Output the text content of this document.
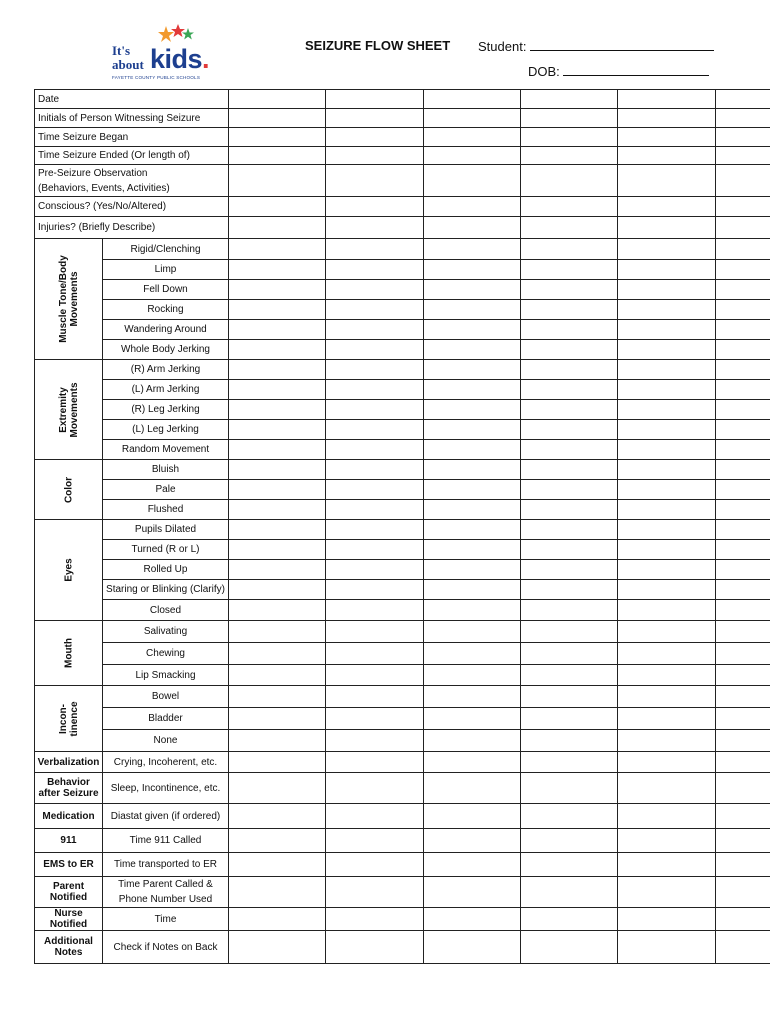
It's
about kids.
FAYETTE COUNTY PUBLIC SCHOOLS
SEIZURE FLOW SHEET Student:
DOB:
Date							
Initials of Person Witnessing Seizure							
Time Seizure Began							
Time Seizure Ended (Or length of)							
Pre-Seizure Observation
(Behaviors, Events, Activities)							
Conscious? (Yes/No/Altered)							
Injuries? (Briefly Describe)							

Muscle Tone/Body
Movements	Rigid/Clenching						
	Limp						
	Fell Down						
	Rocking						
	Wandering Around						
	Whole Body Jerking						

Extremity
Movements	(R) Arm Jerking						
	(L) Arm Jerking						
	(R) Leg Jerking						
	(L) Leg Jerking						
	Random Movement						

Color	Bluish						
	Pale						
	Flushed						

Eyes	Pupils Dilated						
	Turned (R or L)						
	Rolled Up						
	Staring or Blinking (Clarify)						
	Closed						

Mouth	Salivating						
	Chewing						
	Lip Smacking						

Incon-
tinence	Bowel						
	Bladder						
	None						
Verbalization	Crying, Incoherent, etc.						
Behavior
after Seizure	Sleep, Incontinence, etc.						
Medication	Diastat given (if ordered)						
911	Time 911 Called						
EMS to ER	Time transported to ER						
Parent Notified	Time Parent Called &
Phone Number Used						
Nurse Notified	Time						
Additional
Notes	Check if Notes on Back						
